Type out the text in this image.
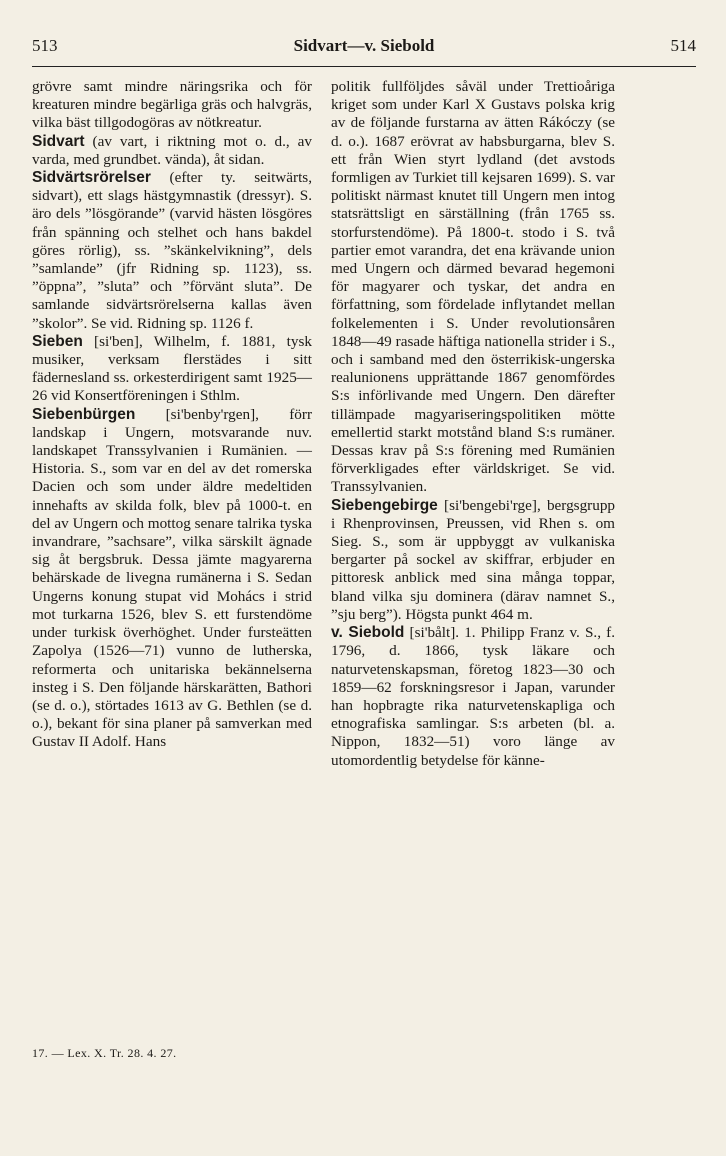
513	Sidvart—v. Siebold	514

grövre samt mindre näringsrika och för kreaturen mindre begärliga gräs och halvgräs, vilka bäst tillgodogöras av nötkreatur.

Sidvart (av vart, i riktning mot o. d., av varda, med grundbet. vända), åt sidan.

Sidvärtsrörelser (efter ty. seitwärts, sidvart), ett slags hästgymnastik (dressyr). S. äro dels ”lösgörande” (varvid hästen lösgöres från spänning och stelhet och hans bakdel göres rörlig), ss. ”skänkelvikning”, dels ”samlande” (jfr Ridning sp. 1123), ss. ”öppna”, ”sluta” och ”förvänt sluta”. De samlande sidvärtsrörelserna kallas även ”skolor”. Se vid. Ridning sp. 1126 f.

Sieben [si'ben], Wilhelm, f. 1881, tysk musiker, verksam flerstädes i sitt fädernesland ss. orkesterdirigent samt 1925—26 vid Konsertföreningen i Sthlm.

Siebenbürgen [si'benby'rgen], förr landskap i Ungern, motsvarande nuv. landskapet Transsylvanien i Rumänien. — Historia. S., som var en del av det romerska Dacien och som under äldre medeltiden innehafts av skilda folk, blev på 1000-t. en del av Ungern och mottog senare talrika tyska invandrare, ”sachsare”, vilka särskilt ägnade sig åt bergsbruk. Dessa jämte magyarerna behärskade de livegna rumänerna i S. Sedan Ungerns konung stupat vid Mohács i strid mot turkarna 1526, blev S. ett furstendöme under turkisk överhöghet. Under fursteätten Zapolya (1526—71) vunno de lutherska, reformerta och unitariska bekännelserna insteg i S. Den följande härskarätten, Bathori (se d. o.), störtades 1613 av G. Bethlen (se d. o.), bekant för sina planer på samverkan med Gustav II Adolf. Hans

politik fullföljdes såväl under Trettioåriga kriget som under Karl X Gustavs polska krig av de följande furstarna av ätten Rákóczy (se d. o.). 1687 erövrat av habsburgarna, blev S. ett från Wien styrt lydland (det avstods formligen av Turkiet till kejsaren 1699). S. var politiskt närmast knutet till Ungern men intog statsrättsligt en särställning (från 1765 ss. storfurstendöme). På 1800-t. stodo i S. två partier emot varandra, det ena krävande union med Ungern och därmed bevarad hegemoni för magyarer och tyskar, det andra en författning, som fördelade inflytandet mellan folkelementen i S. Under revolutionsåren 1848—49 rasade häftiga nationella strider i S., och i samband med den österrikisk-ungerska realunionens upprättande 1867 genomfördes S:s införlivande med Ungern. Den därefter tillämpade magyariseringspolitiken mötte emellertid starkt motstånd bland S:s rumäner. Dessas krav på S:s förening med Rumänien förverkligades efter världskriget. Se vid. Transsylvanien.

Siebengebirge [si'bengebi'rge], bergsgrupp i Rhenprovinsen, Preussen, vid Rhen s. om Sieg. S., som är uppbyggt av vulkaniska bergarter på sockel av skiffrar, erbjuder en pittoresk anblick med sina många toppar, bland vilka sju dominera (därav namnet S., ”sju berg”). Högsta punkt 464 m.

v. Siebold [si'bålt]. 1. Philipp Franz v. S., f. 1796, d. 1866, tysk läkare och naturvetenskapsman, företog 1823—30 och 1859—62 forskningsresor i Japan, varunder han hopbragte rika naturvetenskapliga och etnografiska samlingar. S:s arbeten (bl. a. Nippon, 1832—51) voro länge av utomordentlig betydelse för känne-

17. — Lex. X. Tr. 28. 4. 27.
